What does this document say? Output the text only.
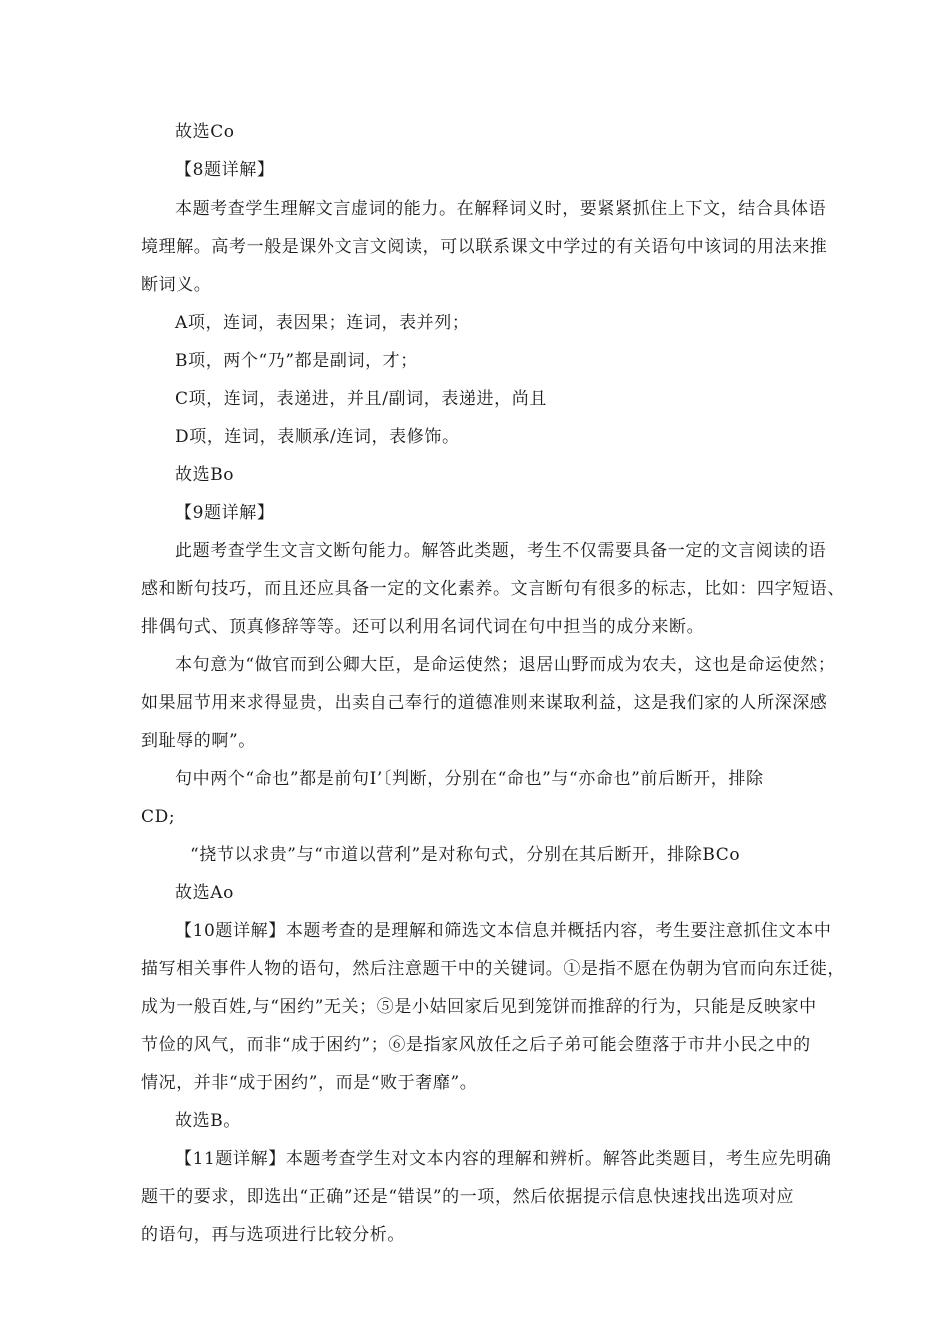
故选Co
【8题详解】
本题考查学生理解文言虚词的能力。在解释词义时，要紧紧抓住上下文，结合具体语
境理解。高考一般是课外文言文阅读，可以联系课文中学过的有关语句中该词的用法来推
断词义。
A项，连词，表因果；连词，表并列；
B项，两个“乃”都是副词，才；
C项，连词，表递进，并且/副词，表递进，尚且
D项，连词，表顺承/连词，表修饰。
故选Bo
【9题详解】
此题考查学生文言文断句能力。解答此类题，考生不仅需要具备一定的文言阅读的语
感和断句技巧，而且还应具备一定的文化素养。文言断句有很多的标志，比如：四字短语、
排偶句式、顶真修辞等等。还可以利用名词代词在句中担当的成分来断。
本句意为“做官而到公卿大臣，是命运使然；退居山野而成为农夫，这也是命运使然；
如果屈节用来求得显贵，出卖自己奉行的道德准则来谋取利益，这是我们家的人所深深感
到耻辱的啊”。
句中两个“命也”都是前句I’〔判断，分别在“命也”与“亦命也”前后断开，排除
CD;
“挠节以求贵”与“市道以营利”是对称句式，分别在其后断开，排除BCo
故选Ao
【10题详解】本题考查的是理解和筛选文本信息并概括内容，考生要注意抓住文本中
描写相关事件人物的语句，然后注意题干中的关键词。①是指不愿在伪朝为官而向东迁徙，
成为一般百姓,与“困约”无关；⑤是小姑回家后见到笼饼而推辞的行为，只能是反映家中
节俭的风气，而非“成于困约”；⑥是指家风放任之后子弟可能会堕落于市井小民之中的
情况，并非“成于困约”，而是“败于奢靡”。
故选B。
【11题详解】本题考查学生对文本内容的理解和辨析。解答此类题目，考生应先明确
题干的要求，即选出“正确”还是“错误”的一项，然后依据提示信息快速找出选项对应
的语句，再与选项进行比较分析。
